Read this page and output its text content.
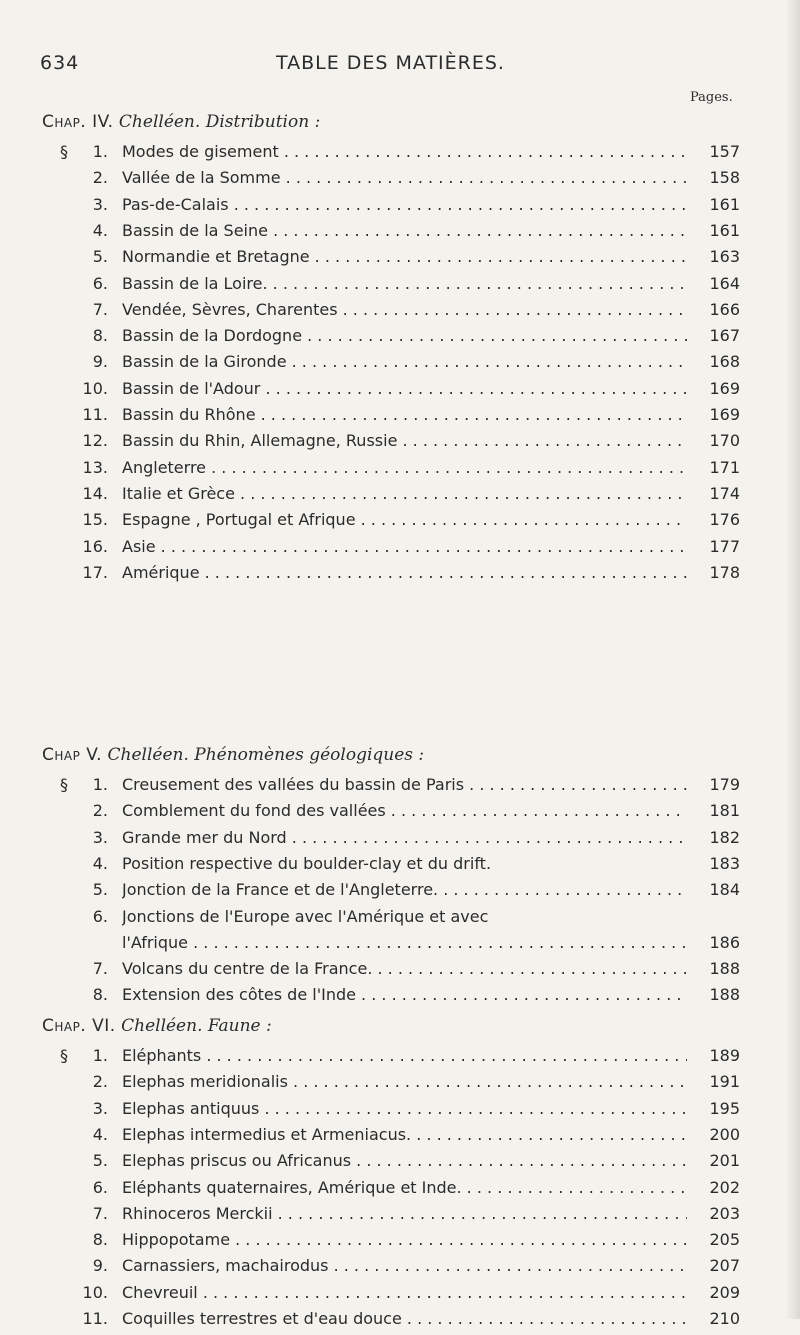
634	TABLE DES MATIÈRES.
Pages.
Chap. IV. Chelléen. Distribution :
§ 1. Modes de gisement . . .	157
2. Vallée de la Somme . . .	158
3. Pas-de-Calais . . .	161
4. Bassin de la Seine . . .	161
5. Normandie et Bretagne . . .	163
6. Bassin de la Loire. . . .	164
7. Vendée, Sèvres, Charentes . . .	166
8. Bassin de la Dordogne . . .	167
9. Bassin de la Gironde . . .	168
10. Bassin de l'Adour . . .	169
11. Bassin du Rhône . . .	169
12. Bassin du Rhin, Allemagne, Russie . . .	170
13. Angleterre . . .	171
14. Italie et Grèce . . .	174
15. Espagne , Portugal et Afrique . . .	176
16. Asie . . .	177
17. Amérique . . .	178
Chap V. Chelléen. Phénomènes géologiques :
§ 1. Creusement des vallées du bassin de Paris . . .	179
2. Comblement du fond des vallées . . .	181
3. Grande mer du Nord . . .	182
4. Position respective du boulder-clay et du drift.	183
5. Jonction de la France et de l'Angleterre. . . .	184
6. Jonctions de l'Europe avec l'Amérique et avec
l'Afrique . . .	186
7. Volcans du centre de la France. . . .	188
8. Extension des côtes de l'Inde . . .	188
Chap. VI. Chelléen. Faune :
§ 1. Eléphants . . .	189
2. Elephas meridionalis . . .	191
3. Elephas antiquus . . .	195
4. Elephas intermedius et Armeniacus. . . .	200
5. Elephas priscus ou Africanus . . .	201
6. Eléphants quaternaires, Amérique et Inde. . . .	202
7. Rhinoceros Merckii . . .	203
8. Hippopotame . . .	205
9. Carnassiers, machairodus . . .	207
10. Chevreuil . . .	209
11. Coquilles terrestres et d'eau douce . . .	210
